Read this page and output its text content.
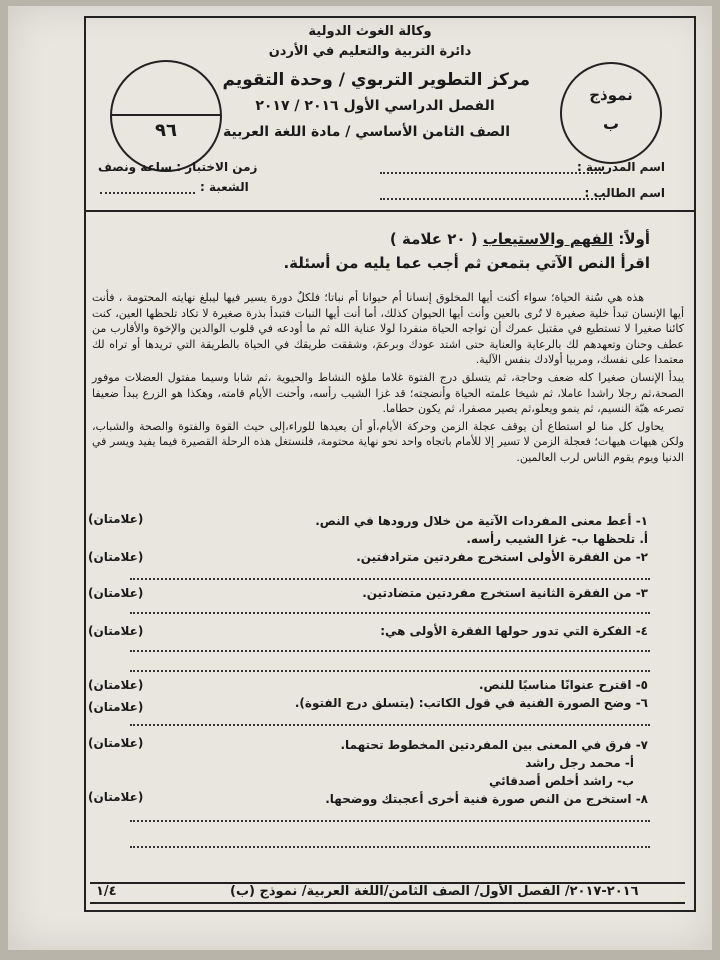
وكالة الغوث الدولية
دائرة التربية والتعليم في الأردن
مركز التطوير التربوي / وحدة التقويم
الفصل الدراسي الأول ٢٠١٦ / ٢٠١٧
الصف الثامن الأساسي / مادة اللغة العربية
٩٦
نموذج
ب
اسم المدرسة :
اسم الطالب :
زمن الاختبار : ساعة ونصف
الشعبة :
أولاً: الفهم والاستيعاب ( ٢٠ علامة )
اقرأ النص الآتي بتمعن ثم أجب عما يليه من أسئلة.

هذه هي سُنة الحياة؛ سواء أكنت أيها المخلوق إنسانا أم حيوانا أم نباتا؛ فلكلٌ دورة يسير فيها ليبلغ نهايته المحتومة ، فأنت أيها الإنسان تبدأ خلية صغيرة لا تُرى بالعين وأنت أيها الحيوان كذلك، أما أنت أيها النبات فتبدأ بذرة صغيرة لا تكاد تلحظها العين، كنت كائنا صغيرا لا تستطيع في مقتبل عمرك أن تواجه الحياة منفردا لولا عناية الله ثم ما أودعه في قلوب الوالدين والإخوة والأقارب من عطف وحنان وتعهدهم لك بالرعاية والعناية حتى اشتد عودك وبرعمَ، وشققت طريقك في الحياة بالطريقة التي تريدها أو تراه لك معتمدا على نفسك، ومربيا أولادك بنفس الآلية.

يبدأ الإنسان صغيرا كله ضعف وحاجة، ثم يتسلق درج الفتوة غلاما ملؤه النشاط والحيوية ،ثم شابا وسيما مفتول العضلات موفور الصحة،ثم رجلا راشدا عاملا، ثم شيخا علمته الحياة وأنضجته؛ قد غزا الشيب رأسه، وأحنت الأيام قامته، وهكذا هو الزرع يبدأ ضعيفا تصرعه هبّة النسيم، ثم ينمو ويعلو،ثم يصير مصفرا، ثم يكون حطاما.

يحاول كل منا لو استطاع أن يوقف عجلة الزمن وحركة الأيام،أو أن يعيدها للوراء،إلى حيث القوة والفتوة والصحة والشباب، ولكن هيهات هيهات؛ فعجلة الزمن لا تسير إلا للأمام باتجاه واحد نحو نهاية محتومة، فلنستغل هذه الرحلة القصيرة فيما يفيد ويسر في الدنيا ويوم يقوم الناس لرب العالمين.

١- أعط معنى المفردات الآتية من خلال ورودها في النص.
(علامتان)
أ. تلحظها ب- غزا الشيب رأسه.
٢- من الفقرة الأولى استخرج مفردتين مترادفتين.
(علامتان)
٣- من الفقرة الثانية استخرج مفردتين متضادتين.
(علامتان)
٤- الفكرة التي تدور حولها الفقرة الأولى هي:
(علامتان)
٥- اقترح عنوانًا مناسبًا للنص.
(علامتان)
٦- وضح الصورة الفنية في قول الكاتب: (يتسلق درج الفتوة).
(علامتان)
٧- فرق في المعنى بين المفردتين المخطوط تحتهما.
(علامتان)
أ- محمد رجل راشد
ب- راشد أخلص أصدقائي
٨- استخرج من النص صورة فنية أخرى أعجبتك ووضحها.
(علامتان)
٢٠١٦-٢٠١٧/ الفصل الأول/ الصف الثامن/اللغة العربية/ نموذج (ب)
١/٤
